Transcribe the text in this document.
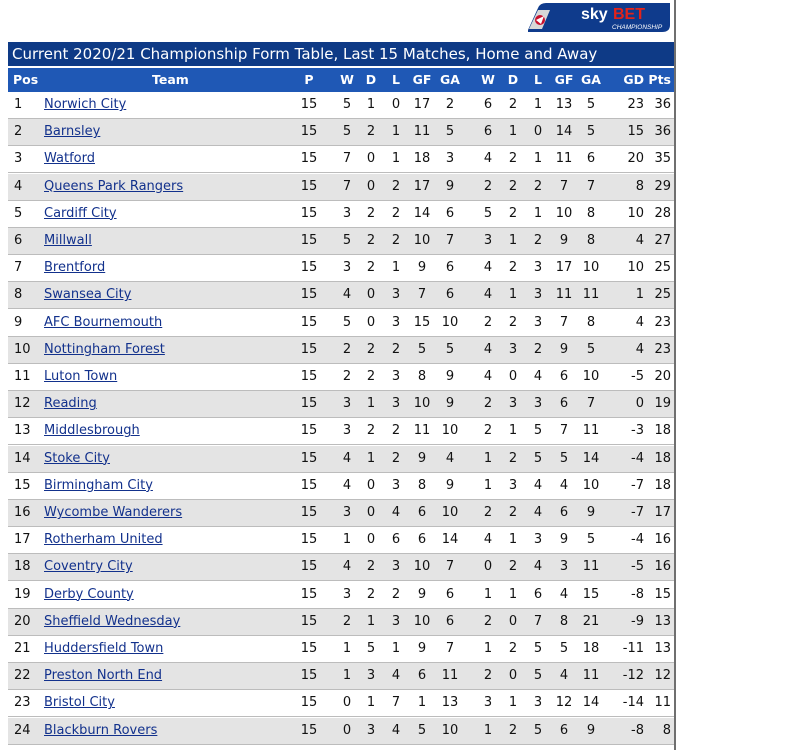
sky BET
CHAMPIONSHIP
Current 2020/21 Championship Form Table, Last 15 Matches, Home and Away
Pos	Team	P	W D	L	GF GA	W	D	L	GF GA	GD Pts
1 Norwich City	15	5	1	0	17	2	6	2	1	13	5	23 36
2 Barnsley	15	5	2	1	11	5	6	1	0	14	5	15 36
3 Watford	15	7	0	1	18	3	4	2	1	11	6	20 35
4 Queens Park Rangers	15	7	0	2	17	9	2	2	2	7	7	8 29
5 Cardiff City	15	3	2	2	14	6	5	2	1	10	8	10 28
6 Millwall	15	5	2	2	10	7	3	1	2	9	8	4 27
7 Brentford	15	3	2	1	9	6	4	2	3	17 10	10 25
8 Swansea City	15	4	0	3	7	6	4	1	3	11 11	1 25
9 AFC Bournemouth	15	5	0	3	15 10	2	2	3	7	8	4 23
10 Nottingham Forest	15	2	2	2	5	5	4	3	2	9	5	4 23
11 Luton Town	15	2	2	3	8	9	4	0	4	6	10	-5 20
12 Reading	15	3	1	3	10	9	2	3	3	6	7	0 19
13 Middlesbrough	15	3	2	2	11 10	2	1	5	7	11	-3 18
14 Stoke City	15	4	1	2	9	4	1	2	5	5	14	-4 18
15 Birmingham City	15	4	0	3	8	9	1	3	4	4	10	-7 18
16 Wycombe Wanderers	15	3	0	4	6	10	2	2	4	6	9	-7 17
17 Rotherham United	15	1	0	6	6	14	4	1	3	9	5	-4 16
18 Coventry City	15	4	2	3	10	7	0	2	4	3	11	-5 16
19 Derby County	15	3	2	2	9	6	1	1	6	4	15	-8 15
20 Sheffield Wednesday	15	2	1	3	10	6	2	0	7	8	21	-9 13
21 Huddersfield Town	15	1	5	1	9	7	1	2	5	5	18	-11 13
22 Preston North End	15	1	3	4	6	11	2	0	5	4	11	-12 12
23 Bristol City	15	0	1	7	1	13	3	1	3	12 14	-14 11
24 Blackburn Rovers	15	0	3	4	5	10	1	2	5	6	9	-8	8
